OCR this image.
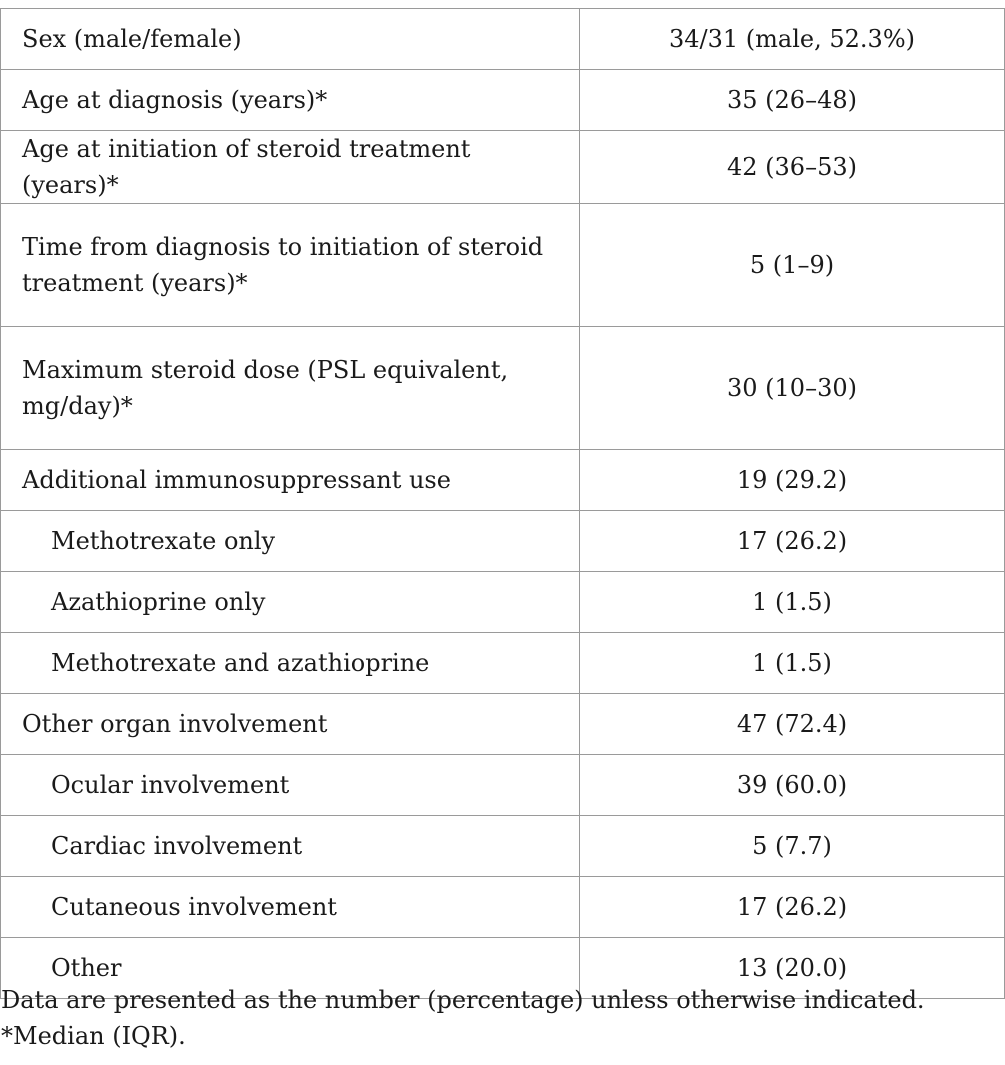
Sex (male/female)	34/31 (male, 52.3%)
Age at diagnosis (years)*	35 (26–48)
Age at initiation of steroid treatment (years)*	42 (36–53)
Time from diagnosis to initiation of steroid treatment (years)*	5 (1–9)
Maximum steroid dose (PSL equivalent, mg/day)*	30 (10–30)
Additional immunosuppressant use	19 (29.2)
Methotrexate only	17 (26.2)
Azathioprine only	1 (1.5)
Methotrexate and azathioprine	1 (1.5)
Other organ involvement	47 (72.4)
Ocular involvement	39 (60.0)
Cardiac involvement	5 (7.7)
Cutaneous involvement	17 (26.2)
Other	13 (20.0)
Data are presented as the number (percentage) unless otherwise indicated.
*Median (IQR).
